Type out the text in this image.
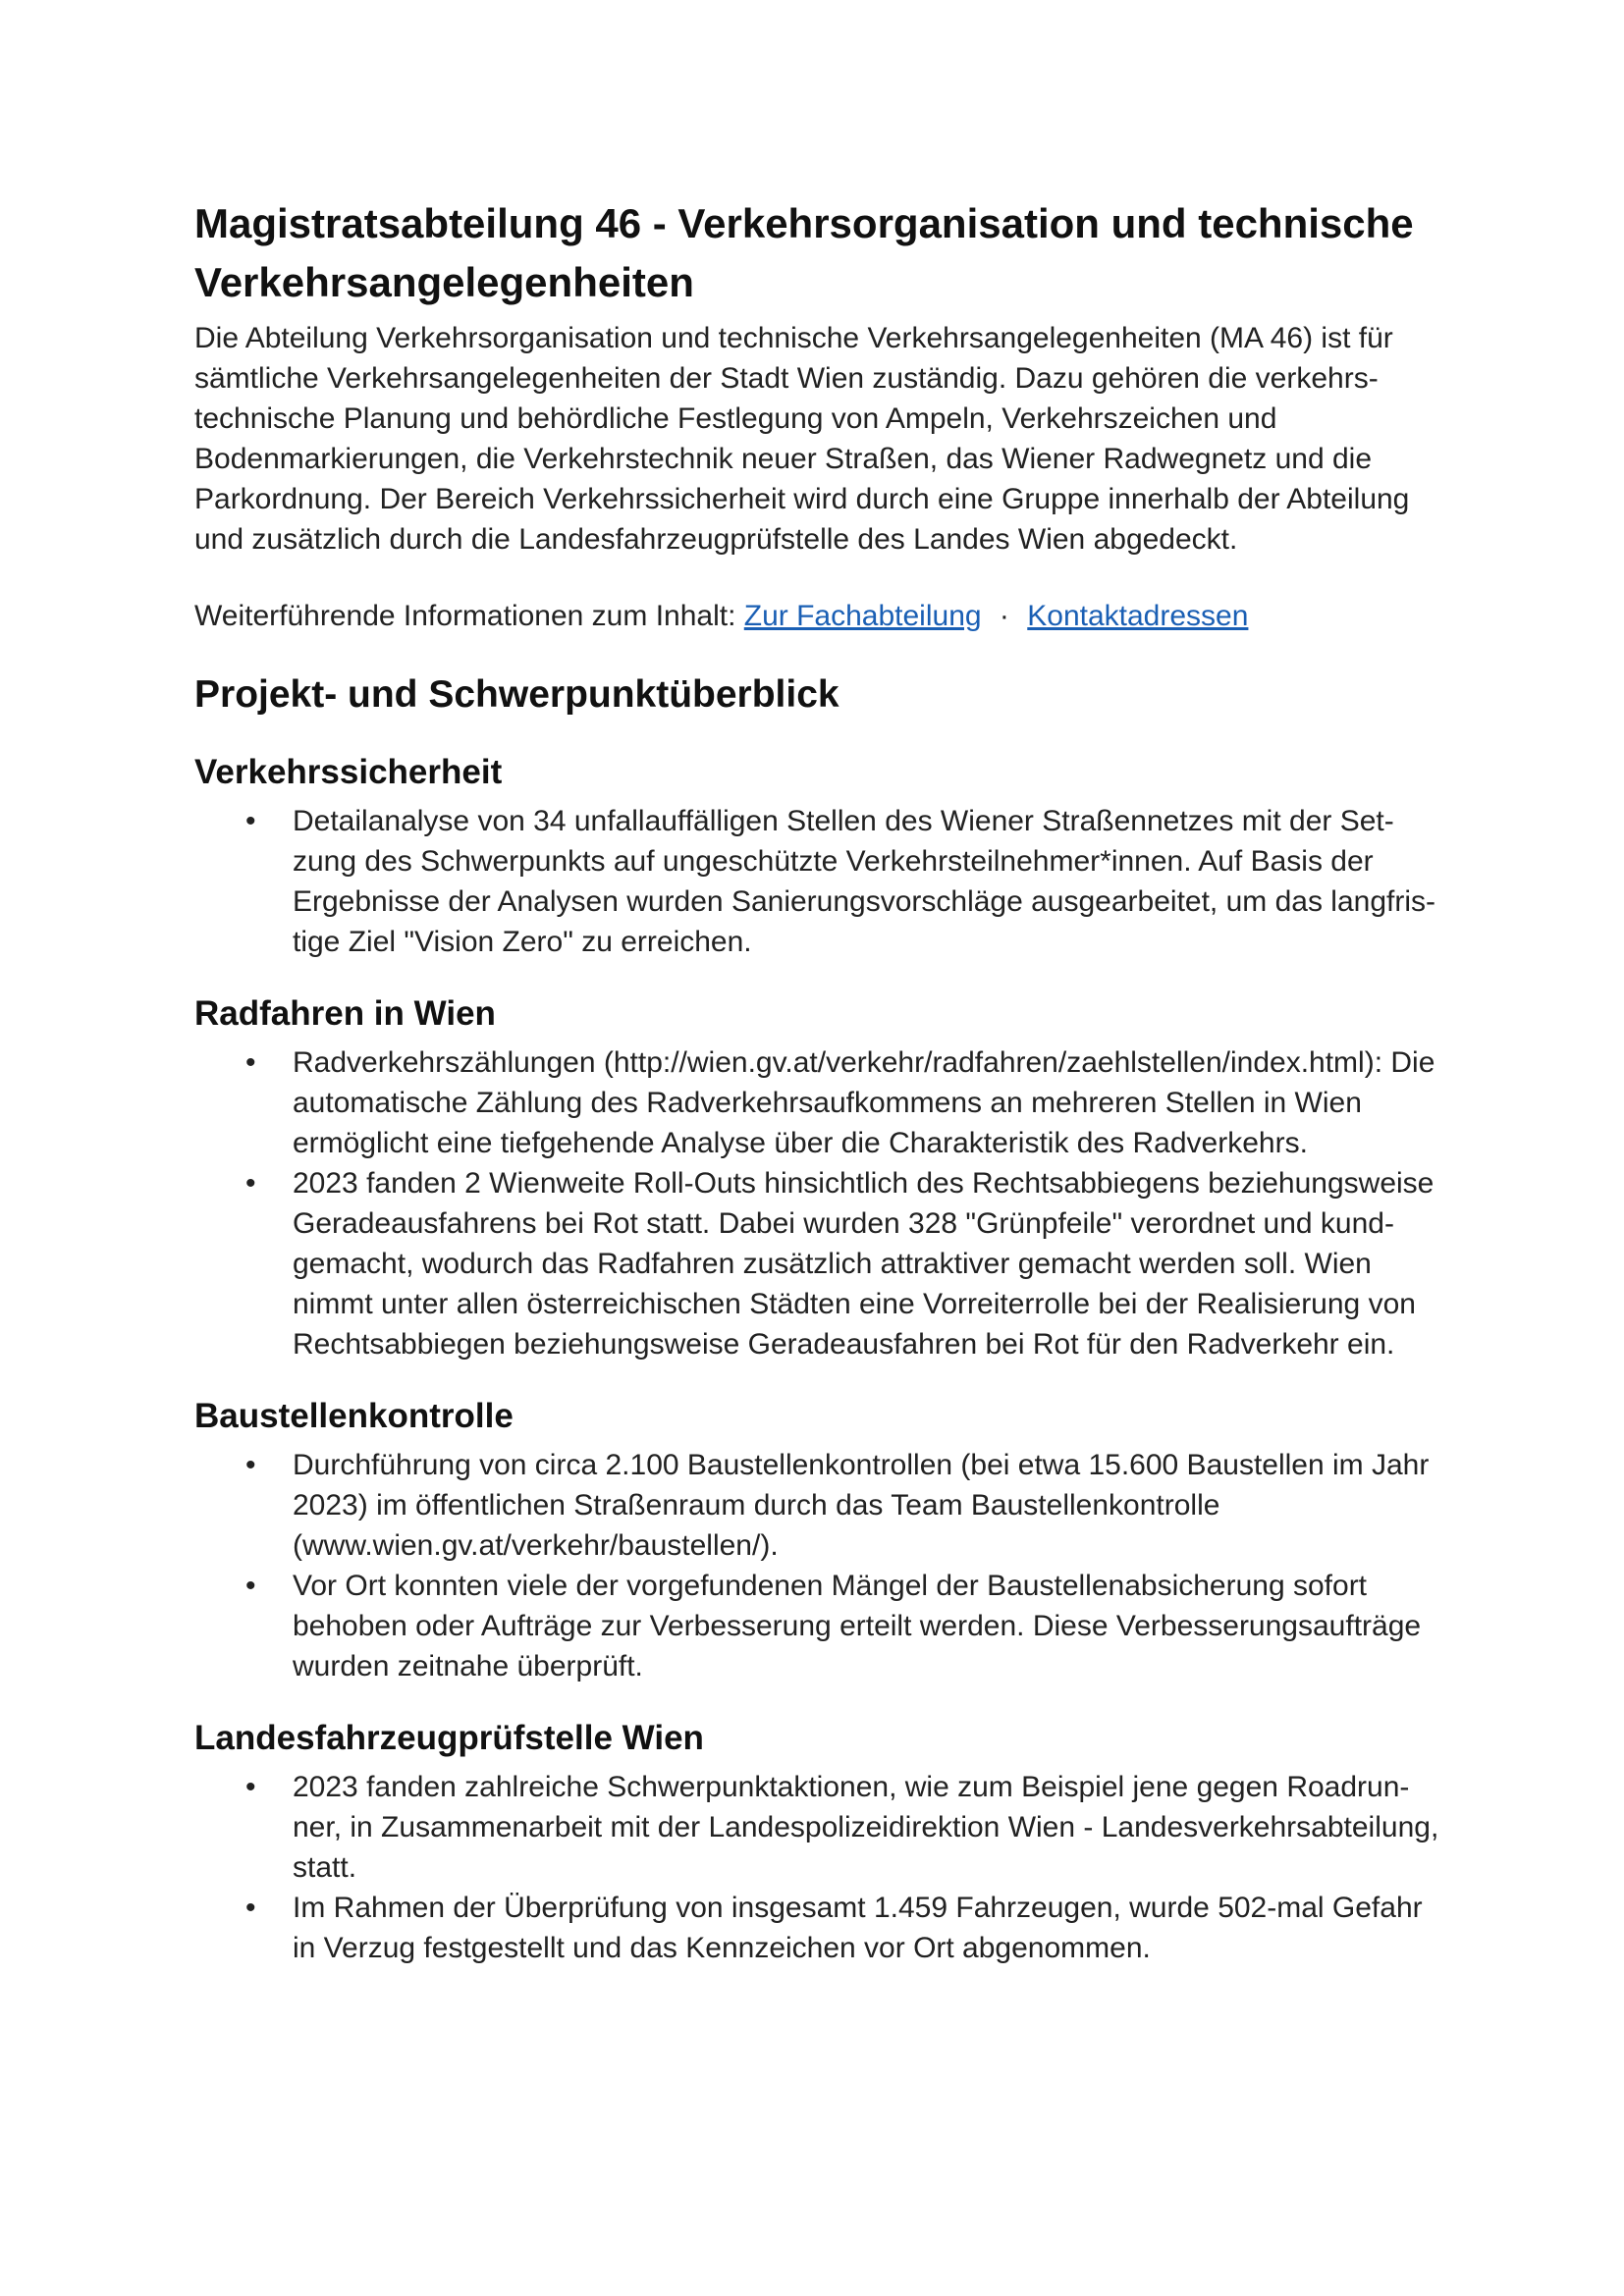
Magistratsabteilung 46 - Verkehrsorganisation und technische Verkehrsangelegenheiten

Die Abteilung Verkehrsorganisation und technische Verkehrsangelegenheiten (MA 46) ist für sämtliche Verkehrsangelegenheiten der Stadt Wien zuständig. Dazu gehören die verkehrstechnische Planung und behördliche Festlegung von Ampeln, Verkehrszeichen und Bodenmarkierungen, die Verkehrstechnik neuer Straßen, das Wiener Radwegnetz und die Parkordnung. Der Bereich Verkehrssicherheit wird durch eine Gruppe innerhalb der Abteilung und zusätzlich durch die Landesfahrzeugprüfstelle des Landes Wien abgedeckt.

Weiterführende Informationen zum Inhalt: Zur Fachabteilung · Kontaktadressen

Projekt- und Schwerpunktüberblick
Verkehrssicherheit
• Detailanalyse von 34 unfallauffälligen Stellen des Wiener Straßennetzes mit der Setzung des Schwerpunkts auf ungeschützte Verkehrsteilnehmer*innen. Auf Basis der Ergebnisse der Analysen wurden Sanierungsvorschläge ausgearbeitet, um das langfristige Ziel "Vision Zero" zu erreichen.
Radfahren in Wien
• Radverkehrszählungen (http://wien.gv.at/verkehr/radfahren/zaehlstellen/index.html): Die automatische Zählung des Radverkehrsaufkommens an mehreren Stellen in Wien ermöglicht eine tiefgehende Analyse über die Charakteristik des Radverkehrs.
• 2023 fanden 2 Wienweite Roll-Outs hinsichtlich des Rechtsabbiegens beziehungsweise Geradeausfahrens bei Rot statt. Dabei wurden 328 "Grünpfeile" verordnet und kundgemacht, wodurch das Radfahren zusätzlich attraktiver gemacht werden soll. Wien nimmt unter allen österreichischen Städten eine Vorreiterrolle bei der Realisierung von Rechtsabbiegen beziehungsweise Geradeausfahren bei Rot für den Radverkehr ein.
Baustellenkontrolle
• Durchführung von circa 2.100 Baustellenkontrollen (bei etwa 15.600 Baustellen im Jahr 2023) im öffentlichen Straßenraum durch das Team Baustellenkontrolle (www.wien.gv.at/verkehr/baustellen/).
• Vor Ort konnten viele der vorgefundenen Mängel der Baustellenabsicherung sofort behoben oder Aufträge zur Verbesserung erteilt werden. Diese Verbesserungsaufträge wurden zeitnahe überprüft.
Landesfahrzeugprüfstelle Wien
• 2023 fanden zahlreiche Schwerpunktaktionen, wie zum Beispiel jene gegen Roadrunner, in Zusammenarbeit mit der Landespolizeidirektion Wien - Landesverkehrsabteilung, statt.
• Im Rahmen der Überprüfung von insgesamt 1.459 Fahrzeugen, wurde 502-mal Gefahr in Verzug festgestellt und das Kennzeichen vor Ort abgenommen.
